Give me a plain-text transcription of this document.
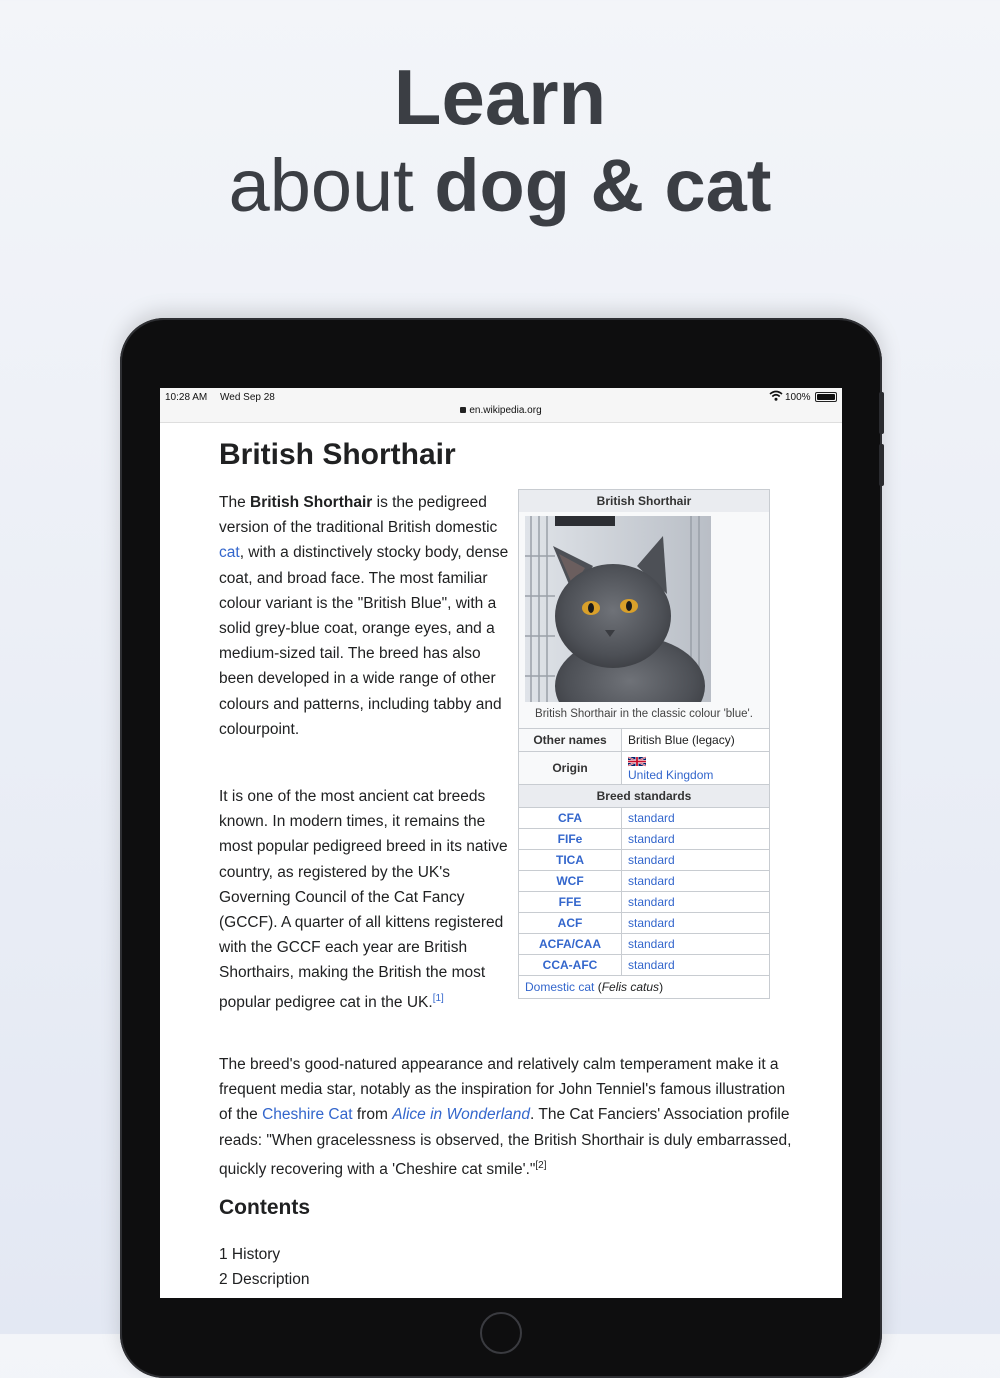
Learn
about dog & cat
10:28 AM Wed Sep 28
en.wikipedia.org
100%
British Shorthair
The British Shorthair is the pedigreed version of the traditional British domestic cat, with a distinctively stocky body, dense coat, and broad face. The most familiar colour variant is the "British Blue", with a solid grey-blue coat, orange eyes, and a medium-sized tail. The breed has also been developed in a wide range of other colours and patterns, including tabby and colourpoint.
It is one of the most ancient cat breeds known. In modern times, it remains the most popular pedigreed breed in its native country, as registered by the UK's Governing Council of the Cat Fancy (GCCF). A quarter of all kittens registered with the GCCF each year are British Shorthairs, making the British the most popular pedigree cat in the UK.[1]
The breed's good-natured appearance and relatively calm temperament make it a frequent media star, notably as the inspiration for John Tenniel's famous illustration of the Cheshire Cat from Alice in Wonderland. The Cat Fanciers' Association profile reads: "When gracelessness is observed, the British Shorthair is duly embarrassed, quickly recovering with a 'Cheshire cat smile'."[2]
Contents
1 History
2 Description
British Shorthair
British Shorthair in the classic colour 'blue'.
Other names	British Blue (legacy)
Origin	United Kingdom
Breed standards
CFA	standard
FIFe	standard
TICA	standard
WCF	standard
FFE	standard
ACF	standard
ACFA/CAA	standard
CCA-AFC	standard
Domestic cat (Felis catus)
